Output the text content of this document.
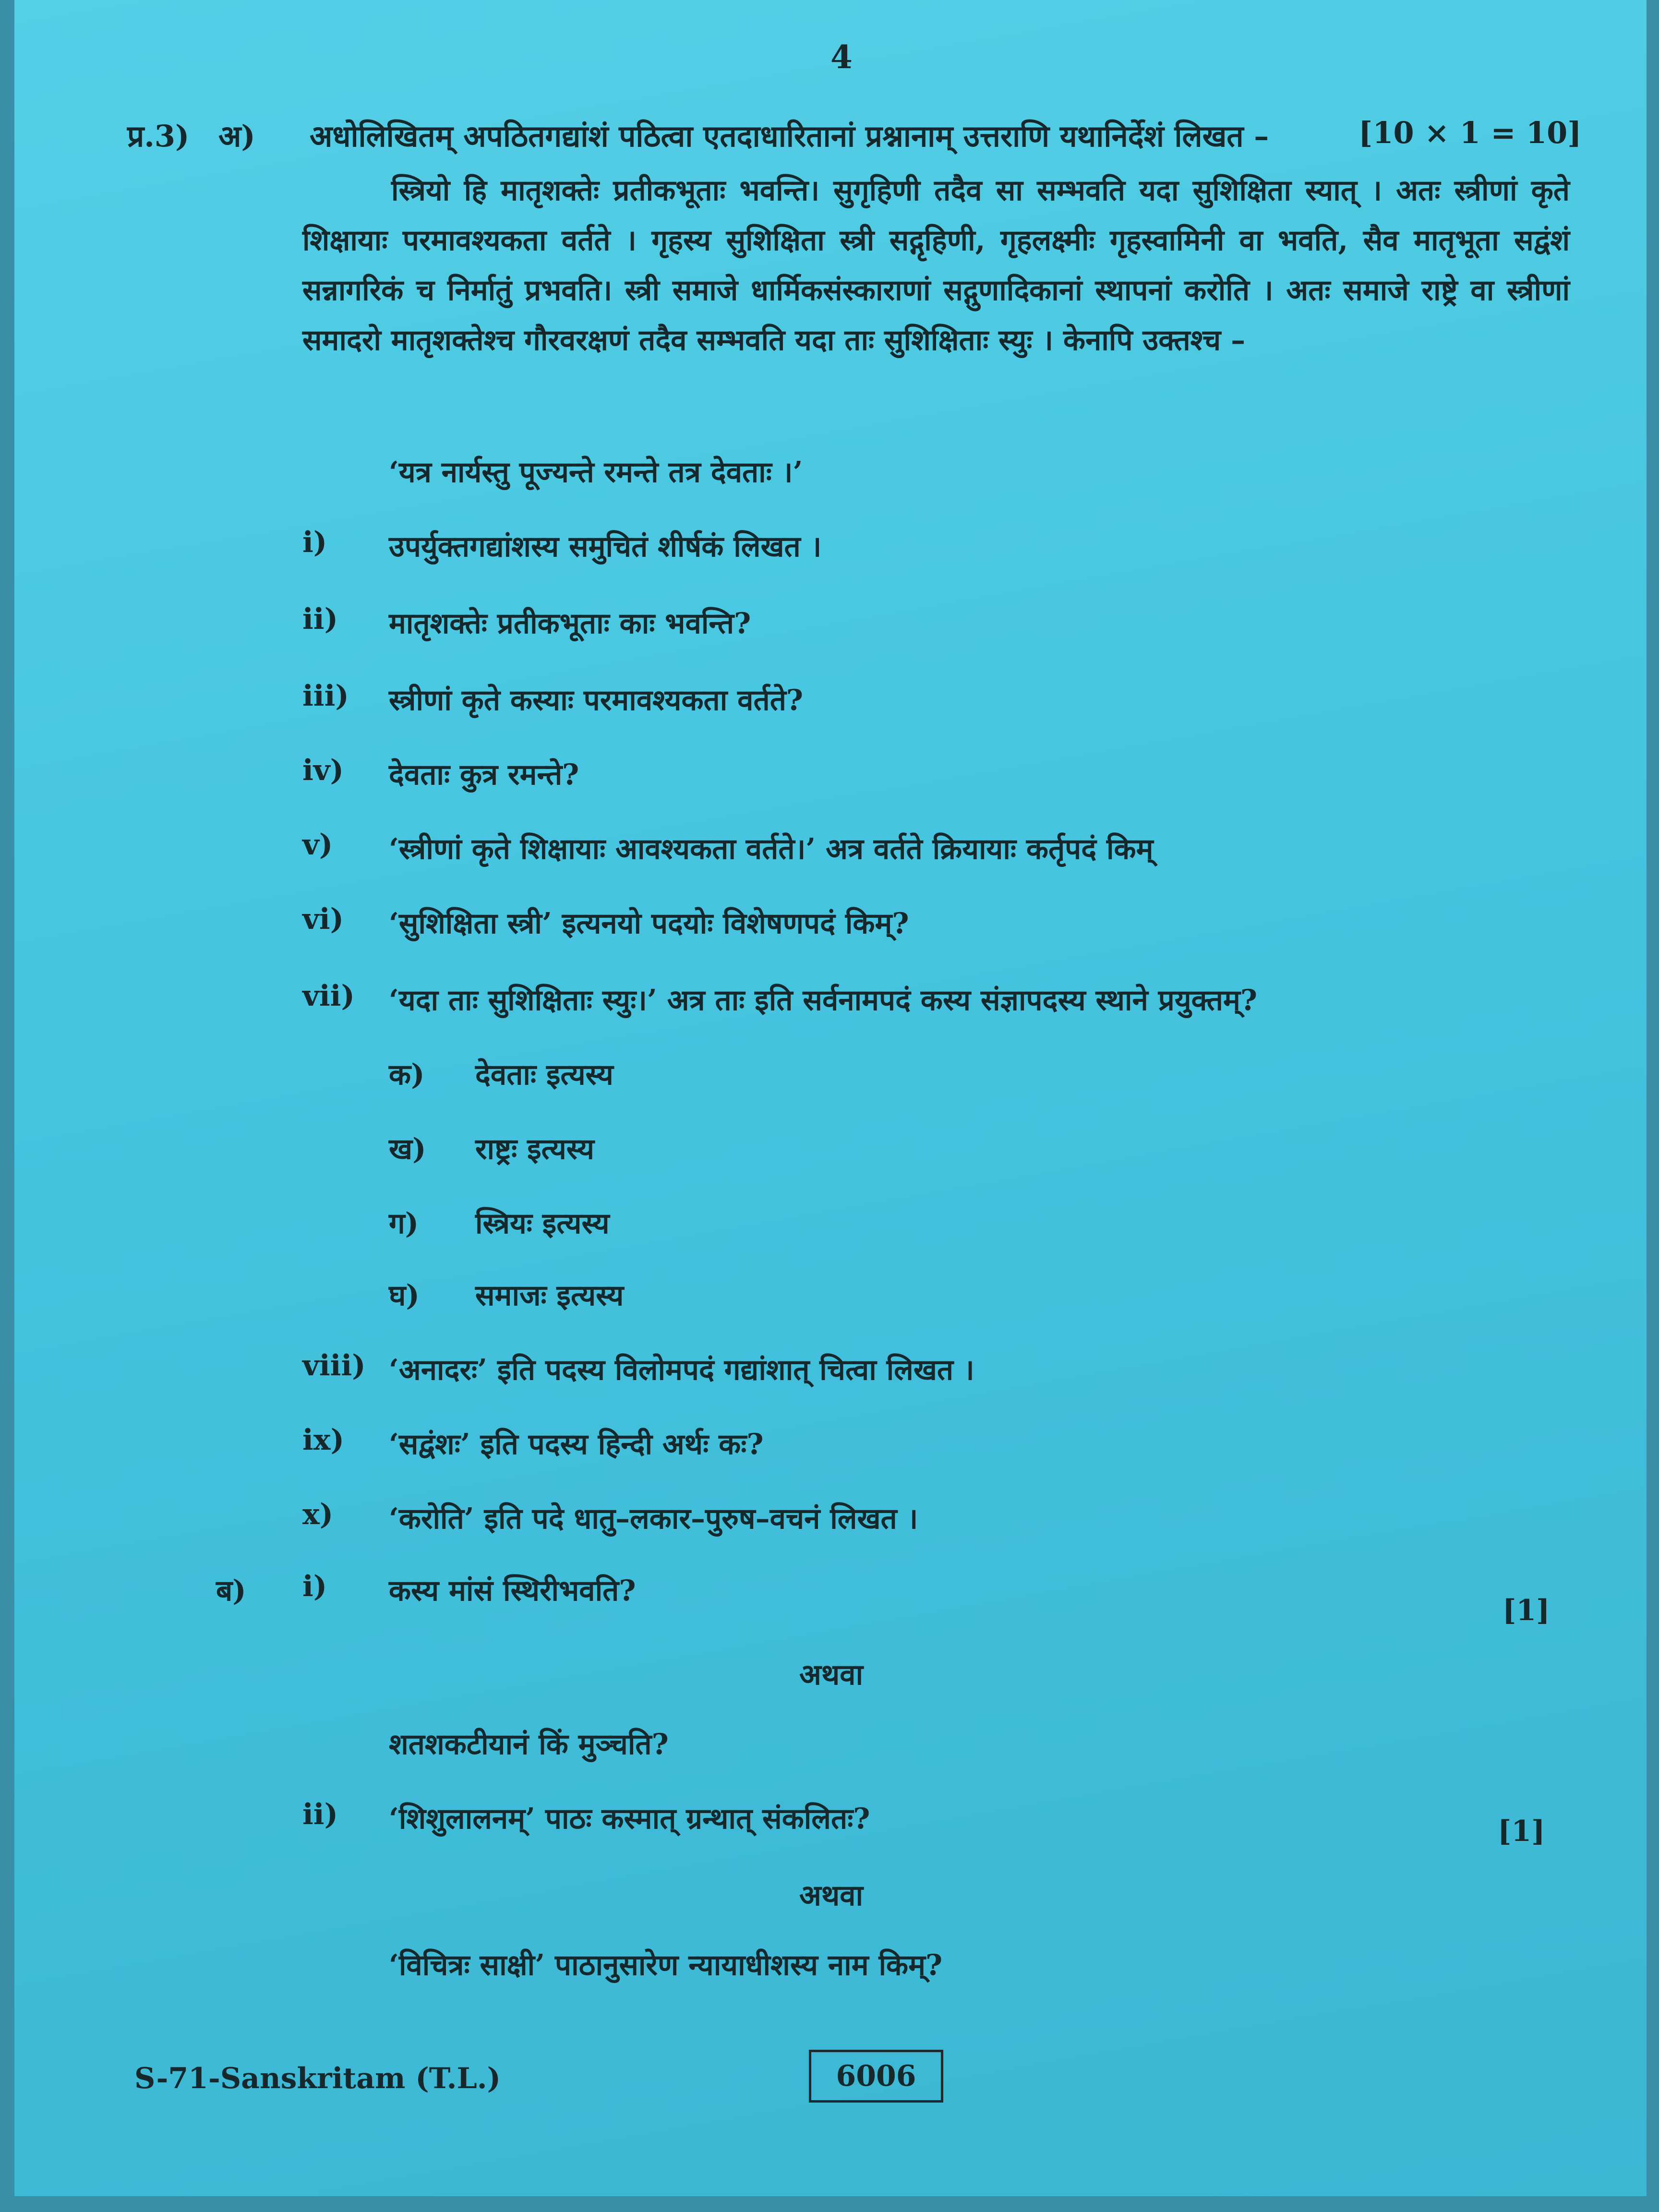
4
प्र.3) अ) अधोलिखितम् अपठितगद्यांशं पठित्वा एतदाधारितानां प्रश्नानाम् उत्तराणि यथानिर्देशं लिखत –	[10 × 1 = 10]

स्त्रियो हि मातृशक्तेः प्रतीकभूताः भवन्ति। सुगृहिणी तदैव सा सम्भवति यदा सुशिक्षिता स्यात् । अतः स्त्रीणां कृते शिक्षायाः परमावश्यकता वर्तते । गृहस्य सुशिक्षिता स्त्री सद्गृहिणी, गृहलक्ष्मीः गृहस्वामिनी वा भवति, सैव मातृभूता सद्वंशं सन्नागरिकं च निर्मातुं प्रभवति। स्त्री समाजे धार्मिकसंस्काराणां सद्गुणादिकानां स्थापनां करोति । अतः समाजे राष्ट्रे वा स्त्रीणां समादरो मातृशक्तेश्च गौरवरक्षणं तदैव सम्भवति यदा ताः सुशिक्षिताः स्युः । केनापि उक्तश्च –

‘यत्र नार्यस्तु पूज्यन्ते रमन्ते तत्र देवताः ।’
i) उपर्युक्तगद्यांशस्य समुचितं शीर्षकं लिखत ।
ii) मातृशक्तेः प्रतीकभूताः काः भवन्ति?
iii) स्त्रीणां कृते कस्याः परमावश्यकता वर्तते?
iv) देवताः कुत्र रमन्ते?
v) ‘स्त्रीणां कृते शिक्षायाः आवश्यकता वर्तते।’ अत्र वर्तते क्रियायाः कर्तृपदं किम्
vi) ‘सुशिक्षिता स्त्री’ इत्यनयो पदयोः विशेषणपदं किम्?
vii) ‘यदा ताः सुशिक्षिताः स्युः।’ अत्र ताः इति सर्वनामपदं कस्य संज्ञापदस्य स्थाने प्रयुक्तम्?
क) देवताः इत्यस्य
ख) राष्ट्रः इत्यस्य
ग) स्त्रियः इत्यस्य
घ) समाजः इत्यस्य
viii) ‘अनादरः’ इति पदस्य विलोमपदं गद्यांशात् चित्वा लिखत ।
ix) ‘सद्वंशः’ इति पदस्य हिन्दी अर्थः कः?
x) ‘करोति’ इति पदे धातु–लकार–पुरुष–वचनं लिखत ।
ब) i) कस्य मांसं स्थिरीभवति?
[1]
अथवा
शतशकटीयानं किं मुञ्चति?
ii) ‘शिशुलालनम्’ पाठः कस्मात् ग्रन्थात् संकलितः?	[1]
अथवा
‘विचित्रः साक्षी’ पाठानुसारेण न्यायाधीशस्य नाम किम्?
S-71-Sanskritam (T.L.)	6006
